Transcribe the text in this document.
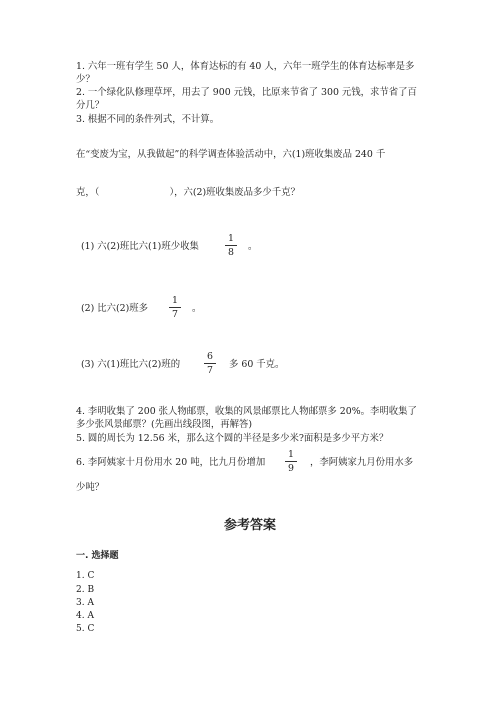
1. 六年一班有学生 50 人，体育达标的有 40 人，六年一班学生的体育达标率是多少？
2. 一个绿化队修理草坪，用去了 900 元钱，比原来节省了 300 元钱，求节省了百分几？
3. 根据不同的条件列式，不计算。
在“变废为宝，从我做起”的科学调查体验活动中，六(1)班收集废品 240 千
克，（	），六(2)班收集废品多少千克？
(1) 六(2)班比六(1)班少收集
1
8
。
(2) 比六(2)班多
1
7
。
(3) 六(1)班比六(2)班的
6
7
多 60 千克。
4. 李明收集了 200 张人物邮票，收集的风景邮票比人物邮票多 20%。李明收集了多少张风景邮票？(先画出线段图，再解答)
5. 圆的周长为 12.56 米，那么这个圆的半径是多少米?面积是多少平方米？
6. 李阿姨家十月份用水 20 吨，比九月份增加
1
9
，李阿姨家九月份用水多
少吨？
参考答案
一. 选择题
1. C
2. B
3. A
4. A
5. C
